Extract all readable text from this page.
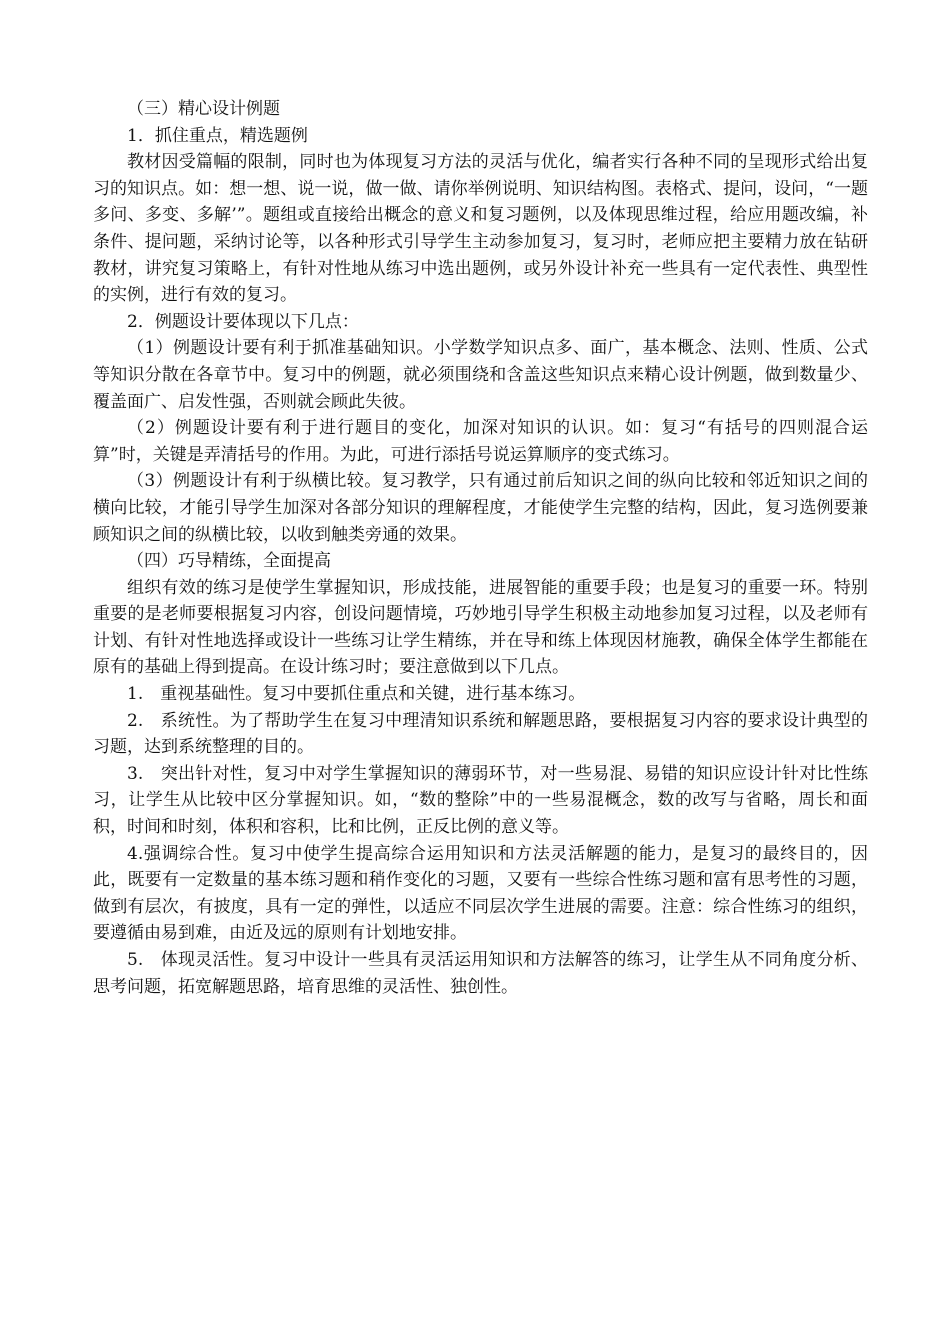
（三）精心设计例题

1．抓住重点，精选题例

教材因受篇幅的限制，同时也为体现复习方法的灵活与优化，编者实行各种不同的呈现形式给出复习的知识点。如：想一想、说一说，做一做、请你举例说明、知识结构图。表格式、提问，设问，“一题多问、多变、多解’”。题组或直接给出概念的意义和复习题例，以及体现思维过程，给应用题改编，补条件、提问题，采纳讨论等，以各种形式引导学生主动参加复习，复习时，老师应把主要精力放在钻研教材，讲究复习策略上，有针对性地从练习中选出题例，或另外设计补充一些具有一定代表性、典型性的实例，进行有效的复习。

2．例题设计要体现以下几点：

（1）例题设计要有利于抓准基础知识。小学数学知识点多、面广，基本概念、法则、性质、公式等知识分散在各章节中。复习中的例题，就必须围绕和含盖这些知识点来精心设计例题，做到数量少、覆盖面广、启发性强，否则就会顾此失彼。

（2）例题设计要有利于进行题目的变化，加深对知识的认识。如：复习“有括号的四则混合运算”时，关键是弄清括号的作用。为此，可进行添括号说运算顺序的变式练习。

（3）例题设计有利于纵横比较。复习教学，只有通过前后知识之间的纵向比较和邻近知识之间的横向比较，才能引导学生加深对各部分知识的理解程度，才能使学生完整的结构，因此，复习选例要兼顾知识之间的纵横比较，以收到触类旁通的效果。

（四）巧导精练，全面提高

组织有效的练习是使学生掌握知识，形成技能，进展智能的重要手段；也是复习的重要一环。特别重要的是老师要根据复习内容，创设问题情境，巧妙地引导学生积极主动地参加复习过程，以及老师有计划、有针对性地选择或设计一些练习让学生精练，并在导和练上体现因材施教，确保全体学生都能在原有的基础上得到提高。在设计练习时；要注意做到以下几点。

1.　重视基础性。复习中要抓住重点和关键，进行基本练习。

2.　系统性。为了帮助学生在复习中理清知识系统和解题思路，要根据复习内容的要求设计典型的习题，达到系统整理的目的。

3.　突出针对性，复习中对学生掌握知识的薄弱环节，对一些易混、易错的知识应设计针对比性练习，让学生从比较中区分掌握知识。如，“数的整除”中的一些易混概念，数的改写与省略，周长和面积，时间和时刻，体积和容积，比和比例，正反比例的意义等。

4.强调综合性。复习中使学生提高综合运用知识和方法灵活解题的能力，是复习的最终目的，因此，既要有一定数量的基本练习题和稍作变化的习题，又要有一些综合性练习题和富有思考性的习题，做到有层次，有披度，具有一定的弹性，以适应不同层次学生进展的需要。注意：综合性练习的组织，要遵循由易到难，由近及远的原则有计划地安排。

5.　体现灵活性。复习中设计一些具有灵活运用知识和方法解答的练习，让学生从不同角度分析、思考问题，拓宽解题思路，培育思维的灵活性、独创性。
